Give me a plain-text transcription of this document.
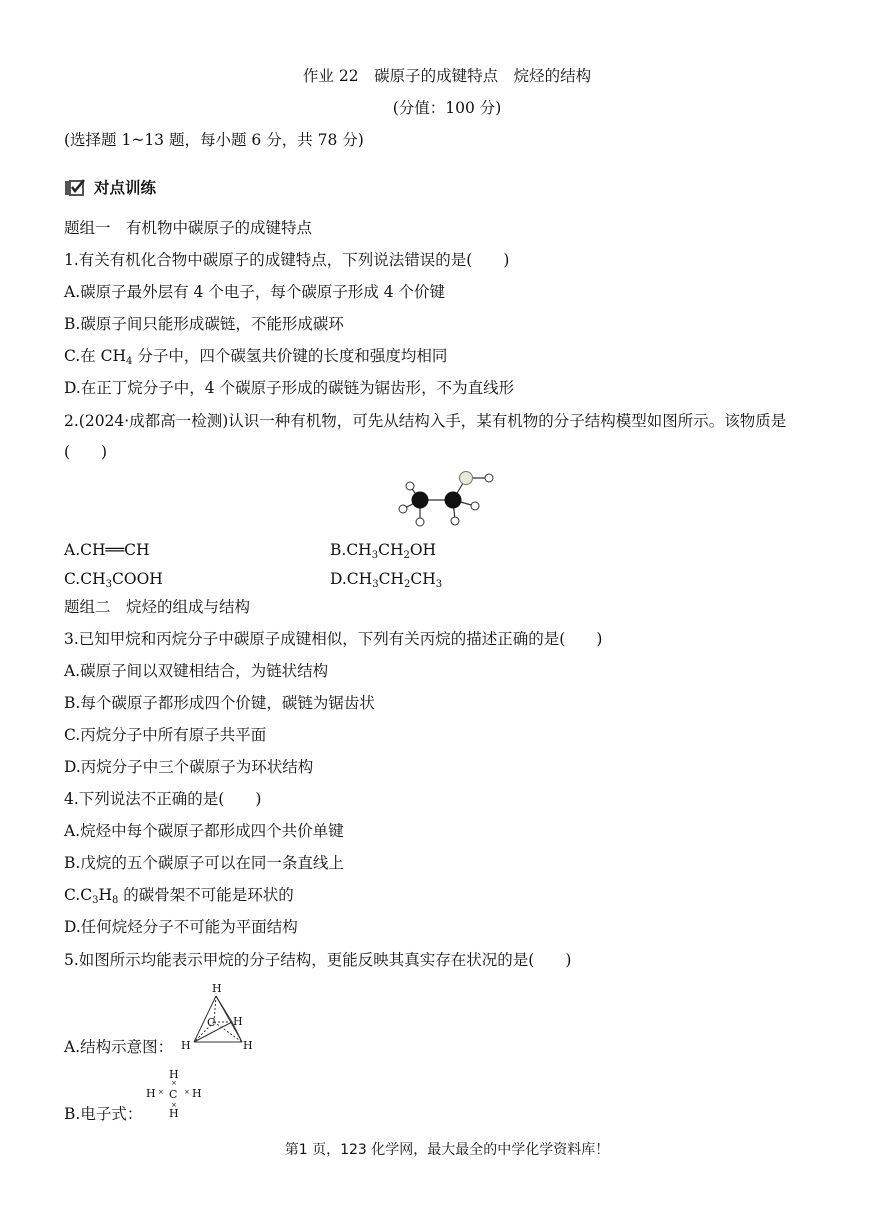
作业 22　碳原子的成键特点　烷烃的结构
(分值：100 分)
(选择题 1~13 题，每小题 6 分，共 78 分)
对点训练
题组一　有机物中碳原子的成键特点
1.有关有机化合物中碳原子的成键特点，下列说法错误的是(　　)
A.碳原子最外层有 4 个电子，每个碳原子形成 4 个价键
B.碳原子间只能形成碳链，不能形成碳环
C.在 $CH_4$ 分子中，四个碳氢共价键的长度和强度均相同
D.在正丁烷分子中，4 个碳原子形成的碳链为锯齿形，不为直线形
2.(2024·成都高一检测)认识一种有机物，可先从结构入手，某有机物的分子结构模型如图所示。该物质是
(　　)
A.CH══CH	$B.CH_3CH_2OH$
$C.CH_3COOH$	$D.CH_3CH_2CH_3$
题组二　烷烃的组成与结构
3.已知甲烷和丙烷分子中碳原子成键相似，下列有关丙烷的描述正确的是(　　)
A.碳原子间以双键相结合，为链状结构
B.每个碳原子都形成四个价键，碳链为锯齿状
C.丙烷分子中所有原子共平面
D.丙烷分子中三个碳原子为环状结构
4.下列说法不正确的是(　　)
A.烷烃中每个碳原子都形成四个共价单键
B.戊烷的五个碳原子可以在同一条直线上
$C.C_3H_8$ 的碳骨架不可能是环状的
D.任何烷烃分子不可能为平面结构
5.如图所示均能表示甲烷的分子结构，更能反映其真实存在状况的是(　　)
A.结构示意图：
H
C H
H	H
B.电子式：
H
C
H	H
H
×
×
×	×
第1 页，123 化学网，最大最全的中学化学资料库！
